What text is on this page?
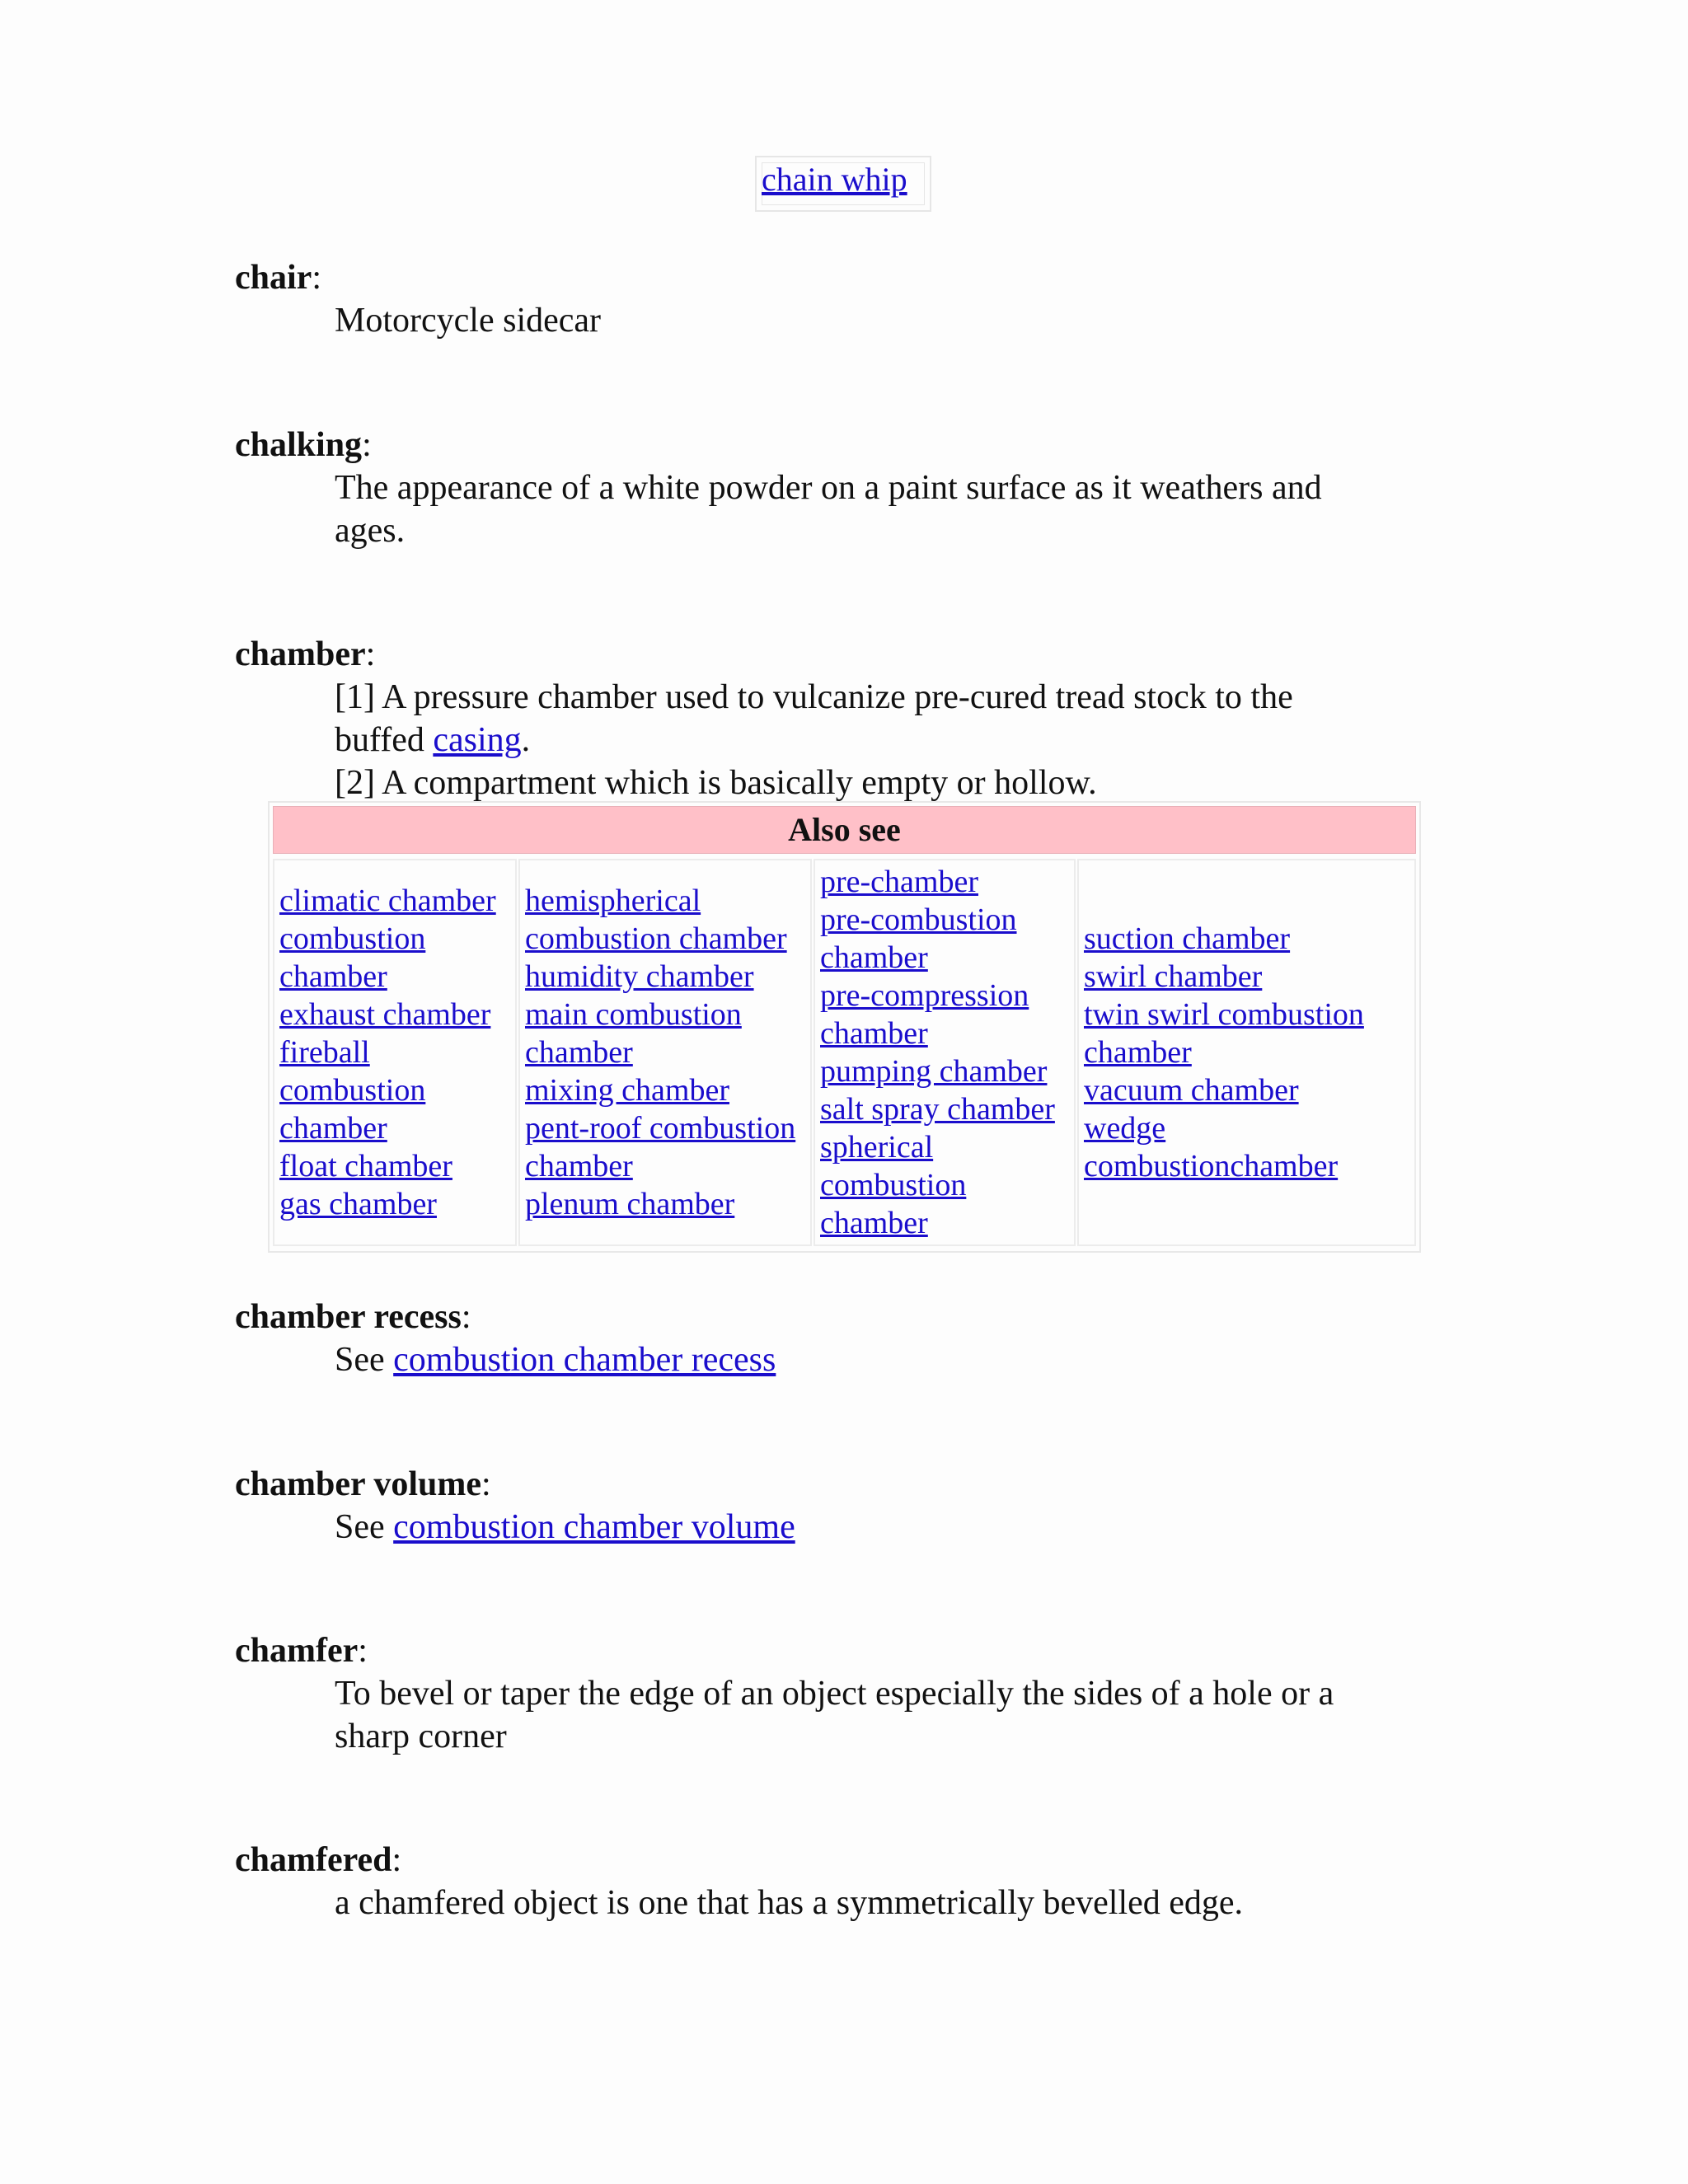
chain whip
chair:
Motorcycle sidecar
chalking:
The appearance of a white powder on a paint surface as it weathers and
ages.
chamber:
[1] A pressure chamber used to vulcanize pre-cured tread stock to the
buffed casing.
[2] A compartment which is basically empty or hollow.
Also see
climatic chamber
combustion
chamber
exhaust chamber
fireball
combustion
chamber
float chamber
gas chamber
hemispherical
combustion chamber
humidity chamber
main combustion
chamber
mixing chamber
pent-roof combustion
chamber
plenum chamber
pre-chamber
pre-combustion
chamber
pre-compression
chamber
pumping chamber
salt spray chamber
spherical
combustion
chamber
suction chamber
swirl chamber
twin swirl combustion
chamber
vacuum chamber
wedge
combustionchamber
chamber recess:
See combustion chamber recess
chamber volume:
See combustion chamber volume
chamfer:
To bevel or taper the edge of an object especially the sides of a hole or a
sharp corner
chamfered:
a chamfered object is one that has a symmetrically bevelled edge.
